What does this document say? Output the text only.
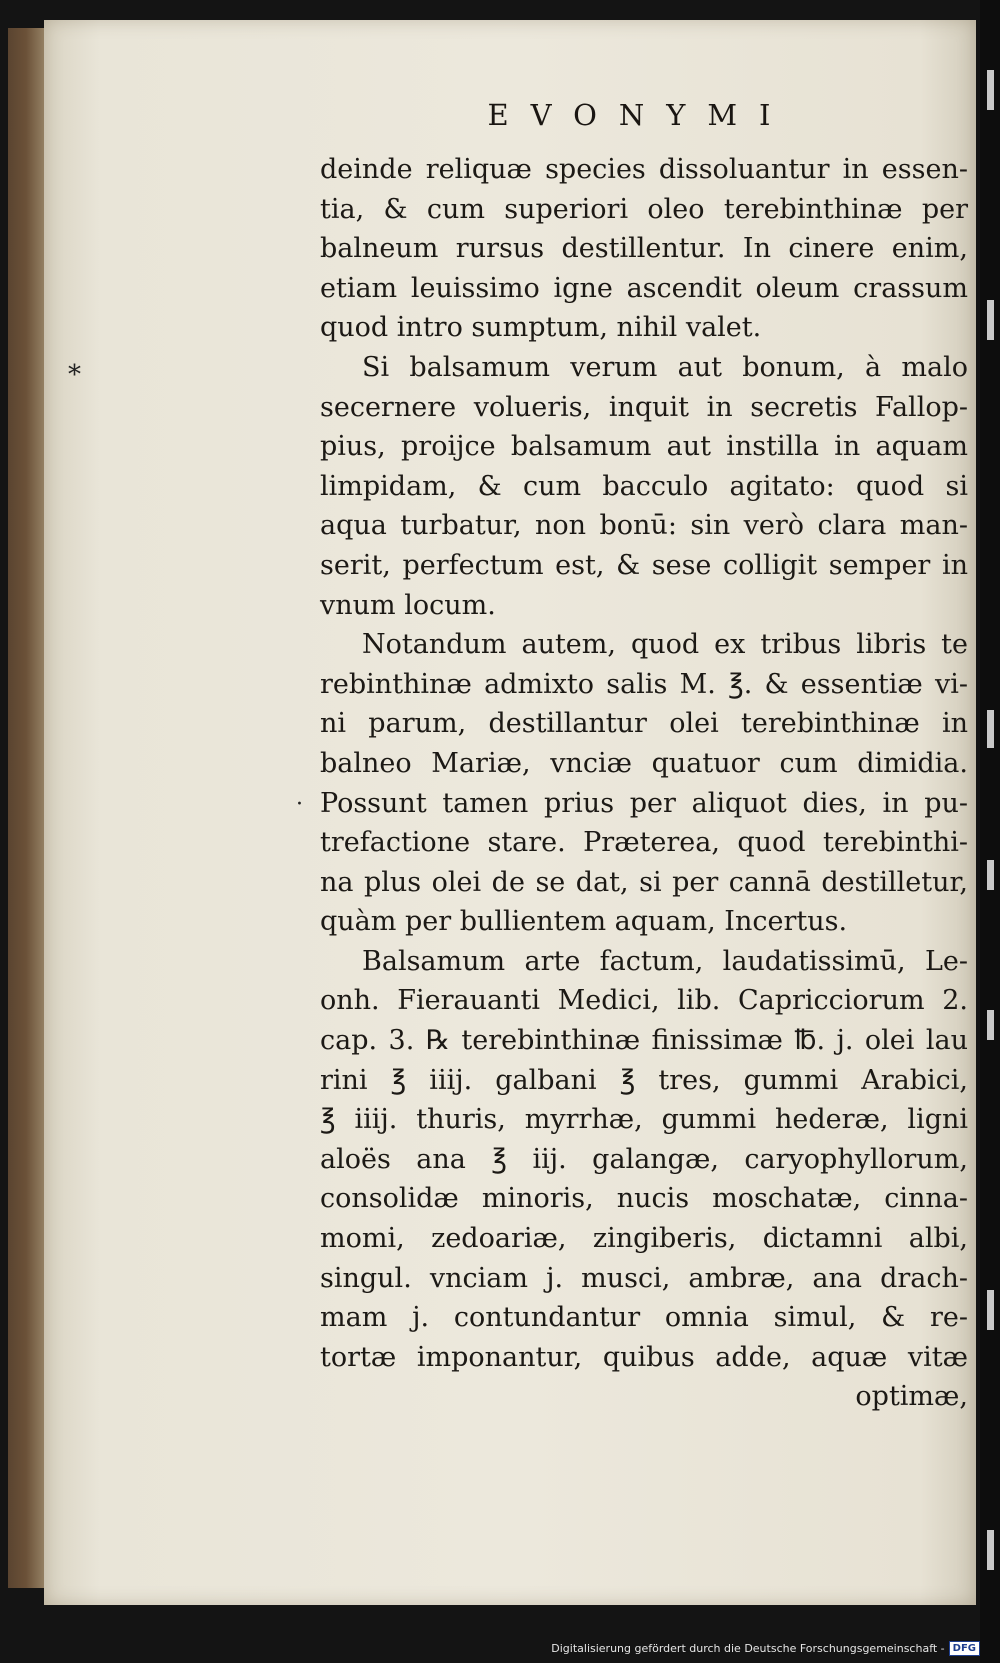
EVONYMI
*
·
deinde reliquæ species dissoluantur in essen-
tia, & cum superiori oleo terebinthinæ per
balneum rursus destillentur. In cinere enim,
etiam leuissimo igne ascendit oleum crassum
quod intro sumptum, nihil valet.
Si balsamum verum aut bonum, à malo
secernere volueris, inquit in secretis Fallop-
pius, proijce balsamum aut instilla in aquam
limpidam, & cum bacculo agitato: quod si
aqua turbatur, non bonū: sin verò clara man-
serit, perfectum est, & sese colligit semper in
vnum locum.
Notandum autem, quod ex tribus libris te
rebinthinæ admixto salis M. ℥. & essentiæ vi-
ni parum, destillantur olei terebinthinæ in
balneo Mariæ, vnciæ quatuor cum dimidia.
Possunt tamen prius per aliquot dies, in pu-
trefactione stare. Præterea, quod terebinthi-
na plus olei de se dat, si per cannā destilletur,
quàm per bullientem aquam, Incertus.
Balsamum arte factum, laudatissimū, Le-
onh. Fierauanti Medici, lib. Capricciorum 2.
cap. 3. ℞ terebinthinæ finissimæ ℔. j. olei lau
rini ℥ iiij. galbani ℥ tres, gummi Arabici,
℥ iiij. thuris, myrrhæ, gummi hederæ, ligni
aloës ana ℥ iij. galangæ, caryophyllorum,
consolidæ minoris, nucis moschatæ, cinna-
momi, zedoariæ, zingiberis, dictamni albi,
singul. vnciam j. musci, ambræ, ana drach-
mam j. contundantur omnia simul, & re-
tortæ imponantur, quibus adde, aquæ vitæ
optimæ,
Digitalisierung gefördert durch die Deutsche Forschungsgemeinschaft - DFG
